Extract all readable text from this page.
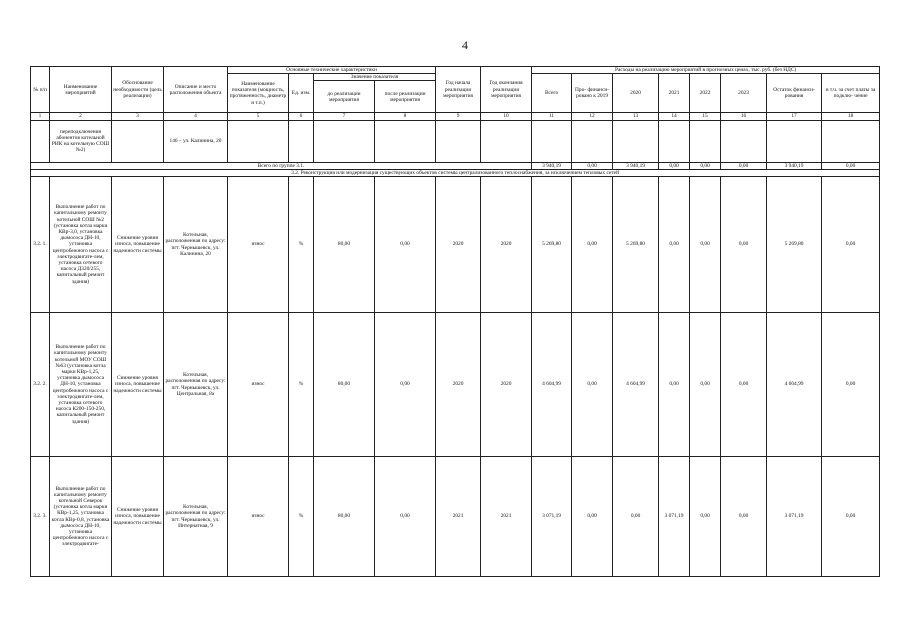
4
№ п/п	Наименование мероприятий	Обоснование необходимости (цель реализации)	Описание и место расположения объекта	Основные технические характеристики				Год начала реализации мероприятия	Год окончания реализации мероприятия	Расходы на реализацию мероприятий в прогнозных ценах, тыс. руб. (без НДС)							
				Наименование показателя (мощность, протяженность, диаметр и т.п.)	Ед. изм.	Значение показателя				Всего	Про- финанси- ровано к 2019	2020	2021	2022	2023	Остаток финанси- рования	в т.ч. за счет платы за подклю- чение
						до реализации мероприятия	после реализации мероприятия										
1	2	3	4	5	6	7	8	9	10	11	12	13	14	15	16	17	18
	переподключения абонентов котельной РИК на котельную СОШ №2)		146 – ул. Калинина, 20														
Всего по группе 3.1.										3 940,19	0,00	3 940,19	0,00	0,00	0,00	3 940,19	0,00
3.2. Реконструкция или модернизация существующих объектов системы централизованного теплоснабжения, за исключением тепловых сетей																	
3.2. 1.	Выполнение работ по капитальному ремонту котельной СОШ №2 (установка котла марки КВр-3,0, установка дымососа ДН-10, установка центробежного насоса с электродвигате-лем, установка сетевого насоса Д320/255, капитальный ремонт здания)	Снижение уровня износа, повышение надежности системы	Котельная, расположенная по адресу: пгт. Чернышевск, ул. Калинина, 20	износ	%	80,00	0,00	2020	2020	5 269,80	0,00	5 269,80	0,00	0,00	0,00	5 269,80	0,00
3.2. 2.	Выполнение работ по капитальному ремонту котельной МОУ СОШ №63 (установка котла марки КВр-1,25, установка дымососа ДН-10, установка центробежного насоса с электродвигате-лем, установка сетевого насоса К200-150-250, капитальный ремонт здания)	Снижение уровня износа, повышение надежности системы	Котельная, расположенная по адресу: пгт. Чернышевск, ул. Центральная, 8а	износ	%	80,00	0,00	2020	2020	4 604,99	0,00	4 604,99	0,00	0,00	0,00	4 604,99	0,00
3.2. 3.	Выполнение работ по капитальному ремонту котельной Северок (установка котла марки КВр-1,25, установка котла КВр-0,8, установка дымососа ДН-10, установка центробежного насоса с электродвигате-	Снижение уровня износа, повышение надежности системы	Котельная, расположенная по адресу: пгт. Чернышевск, ул. Интернатная, 9	износ	%	80,00	0,00	2021	2021	3 071,19	0,00	0,00	3 071,19	0,00	0,00	3 071,19	0,00
